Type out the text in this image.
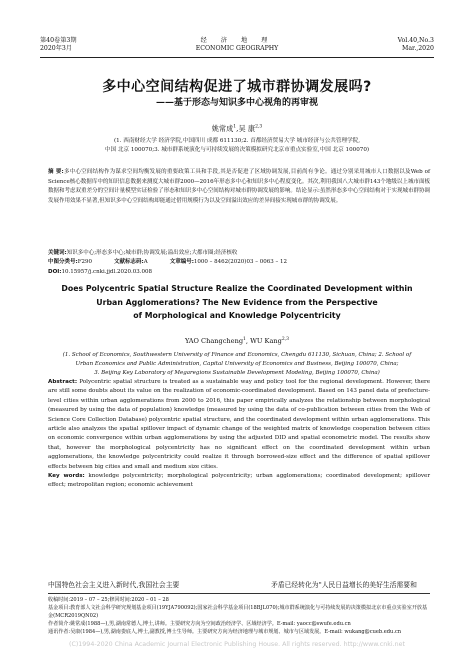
第40卷第3期
2020年3月
经 济 地 理
ECONOMIC GEOGRAPHY
Vol.40,No.3
Mar.,2020
多中心空间结构促进了城市群协调发展吗?
——基于形态与知识多中心视角的再审视
姚常成$^1$,吴 康$^{2,3}$
(1. 西南财经大学 经济学院,中国四川 成都 611130;2. 首都经济贸易大学 城市经济与公共管理学院,
中国 北京 100070;3. 城市群系统演化与可持续发展的决策模拟研究北京市重点实验室,中国 北京 100070)
摘 要:多中心空间结构作为谋求空间均衡发展的重要政策工具和手段,其是否促进了区域协调发展,目前尚有争论。通过分别采用城市人口数据以及Web of Science核心数据库中的知识信息数据来测度大城市群2000—2016年形态多中心和知识多中心程度变化。其次,利用我国八大城市群143个地级以上城市面板数据和考虑双重差分的空间计量模型实证检验了形态和知识多中心空间结构对城市群协调发展的影响。结论显示:虽然形态多中心空间结构对于实现城市群协调发展作用效果不显著,但知识多中心空间结构却能通过借用规模行为以及空间溢出效应的差异间接实现城市群的协调发展。
关键词:知识多中心;形态多中心;城市群;协调发展;溢出效应;大都市圈;经济核收
中图分类号:F290	文献标志码:A	文章编号:1000 – 8462(2020)03 – 0063 – 12
DOI:10.15957/j.cnki.jjdl.2020.03.008
Does Polycentric Spatial Structure Realize the Coordinated Development within
Urban Agglomerations? The New Evidence from the Perspective
of Morphological and Knowledge Polycentricity
YAO Changcheng$^1$, WU Kang$^{2,3}$
(1. School of Economics, Southwestern University of Finance and Economics, Chengdu 611130, Sichuan, China; 2. School of
Urban Economics and Public Administration, Capital University of Economics and Business, Beijing 100070, China;
3. Beijing Key Laboratory of Megaregions Sustainable Development Modeling, Beijing 100070, China)
Abstract: Polycentric spatial structure is treated as a sustainable way and policy tool for the regional development. However, there are still some doubts about its value on the realization of economic-coordinated development. Based on 143 panel data of prefecture-level cities within urban agglomerations from 2000 to 2016, this paper empirically analyzes the relationship between morphological (measured by using the data of population) knowledge (measured by using the data of co-publication between cities from the Web of Science Core Collection Database) polycentric spatial structure, and the coordinated development within urban agglomerations. This article also analyzes the spatial spillover impact of dynamic change of the weighted matrix of knowledge cooperation between cities on economic convergence within urban agglomerations by using the adjusted DID and spatial econometric model. The results show that, however the morphological polycentricity has no significant effect on the coordinated development within urban agglomerations, the knowledge polycentricity could realize it through borrowed-size effect and the difference of spatial spillover effects between big cities and small and medium size cities.
Key words: knowledge polycentricity; morphological polycentricity; urban agglomerations; coordinated development; spillover effect; metropolitan region; economic achievement
中国特色社会主义进入新时代,我国社会主要	矛盾已经转化为"人民日益增长的美好生活需要和
收稿时间:2019 – 07 – 25;修回时间:2020 – 01 – 28
基金项目:教育部人文社会科学研究规划基金项目(19YJA790092);国家社会科学基金项目(18BJL070);城市群系统演化与可持续发展的决策模拟北京市重点实验室开放基金(MCR2019QN02)
作者简介:姚常成(1988—),男,湖南常德人,博士,讲师。主要研究方向为空间政治经济学、区域经济学。E-mail: yaocc@swufe.edu.cn
通讯作者:吴康(1984—),男,湖南娄底人,博士,副教授,博士生导师。主要研究方向为经济地理与城市规划、城市与区域发展。E-mail: wukang@cueb.edu.cn
(C)1994-2020 China Academic Journal Electronic Publishing House. All rights reserved. http://www.cnki.net
